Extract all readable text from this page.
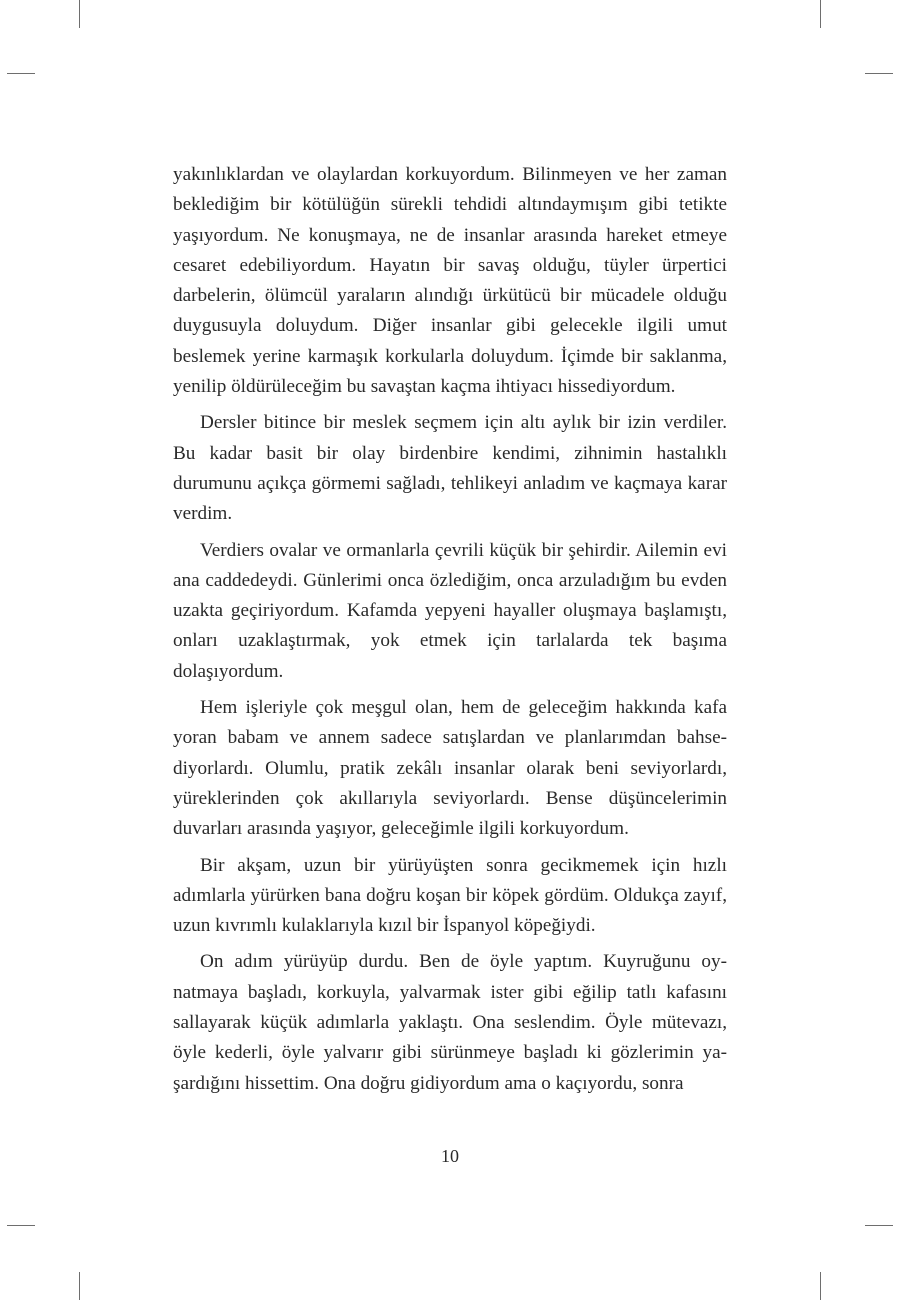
yakınlıklardan ve olaylardan korkuyordum. Bilinmeyen ve her zaman beklediğim bir kötülüğün sürekli tehdidi altındaymışım gibi tetikte yaşıyordum. Ne konuşmaya, ne de insanlar arasında hareket etmeye cesaret edebiliyordum. Hayatın bir savaş olduğu, tüyler ürpertici darbelerin, ölümcül yaraların alındığı ürkütücü bir mücadele olduğu duygusuyla doluydum. Diğer insanlar gibi gelecekle ilgili umut beslemek yerine karmaşık korkularla doluydum. İçimde bir saklanma, yenilip öldürüleceğim bu savaştan kaçma ihtiyacı hissediyordum.

Dersler bitince bir meslek seçmem için altı aylık bir izin verdiler. Bu kadar basit bir olay birdenbire kendimi, zihnimin hastalıklı durumunu açıkça görmemi sağladı, tehlikeyi anladım ve kaçmaya karar verdim.

Verdiers ovalar ve ormanlarla çevrili küçük bir şehirdir. Ailemin evi ana caddedeydi. Günlerimi onca özlediğim, onca arzuladığım bu evden uzakta geçiriyordum. Kafamda yepyeni hayaller oluşmaya başlamıştı, onları uzaklaştırmak, yok etmek için tarlalarda tek başıma dolaşıyordum.

Hem işleriyle çok meşgul olan, hem de geleceğim hakkında kafa yoran babam ve annem sadece satışlardan ve planlarımdan bahsediyorlardı. Olumlu, pratik zekâlı insanlar olarak beni seviyorlardı, yüreklerinden çok akıllarıyla seviyorlardı. Bense düşüncelerimin duvarları arasında yaşıyor, geleceğimle ilgili korkuyordum.

Bir akşam, uzun bir yürüyüşten sonra gecikmemek için hızlı adımlarla yürürken bana doğru koşan bir köpek gördüm. Oldukça zayıf, uzun kıvrımlı kulaklarıyla kızıl bir İspanyol köpeğiydi.

On adım yürüyüp durdu. Ben de öyle yaptım. Kuyruğunu oynatmaya başladı, korkuyla, yalvarmak ister gibi eğilip tatlı kafasını sallayarak küçük adımlarla yaklaştı. Ona seslendim. Öyle mütevazı, öyle kederli, öyle yalvarır gibi sürünmeye başladı ki gözlerimin yaşardığını hissettim. Ona doğru gidiyordum ama o kaçıyordu, sonra

10
